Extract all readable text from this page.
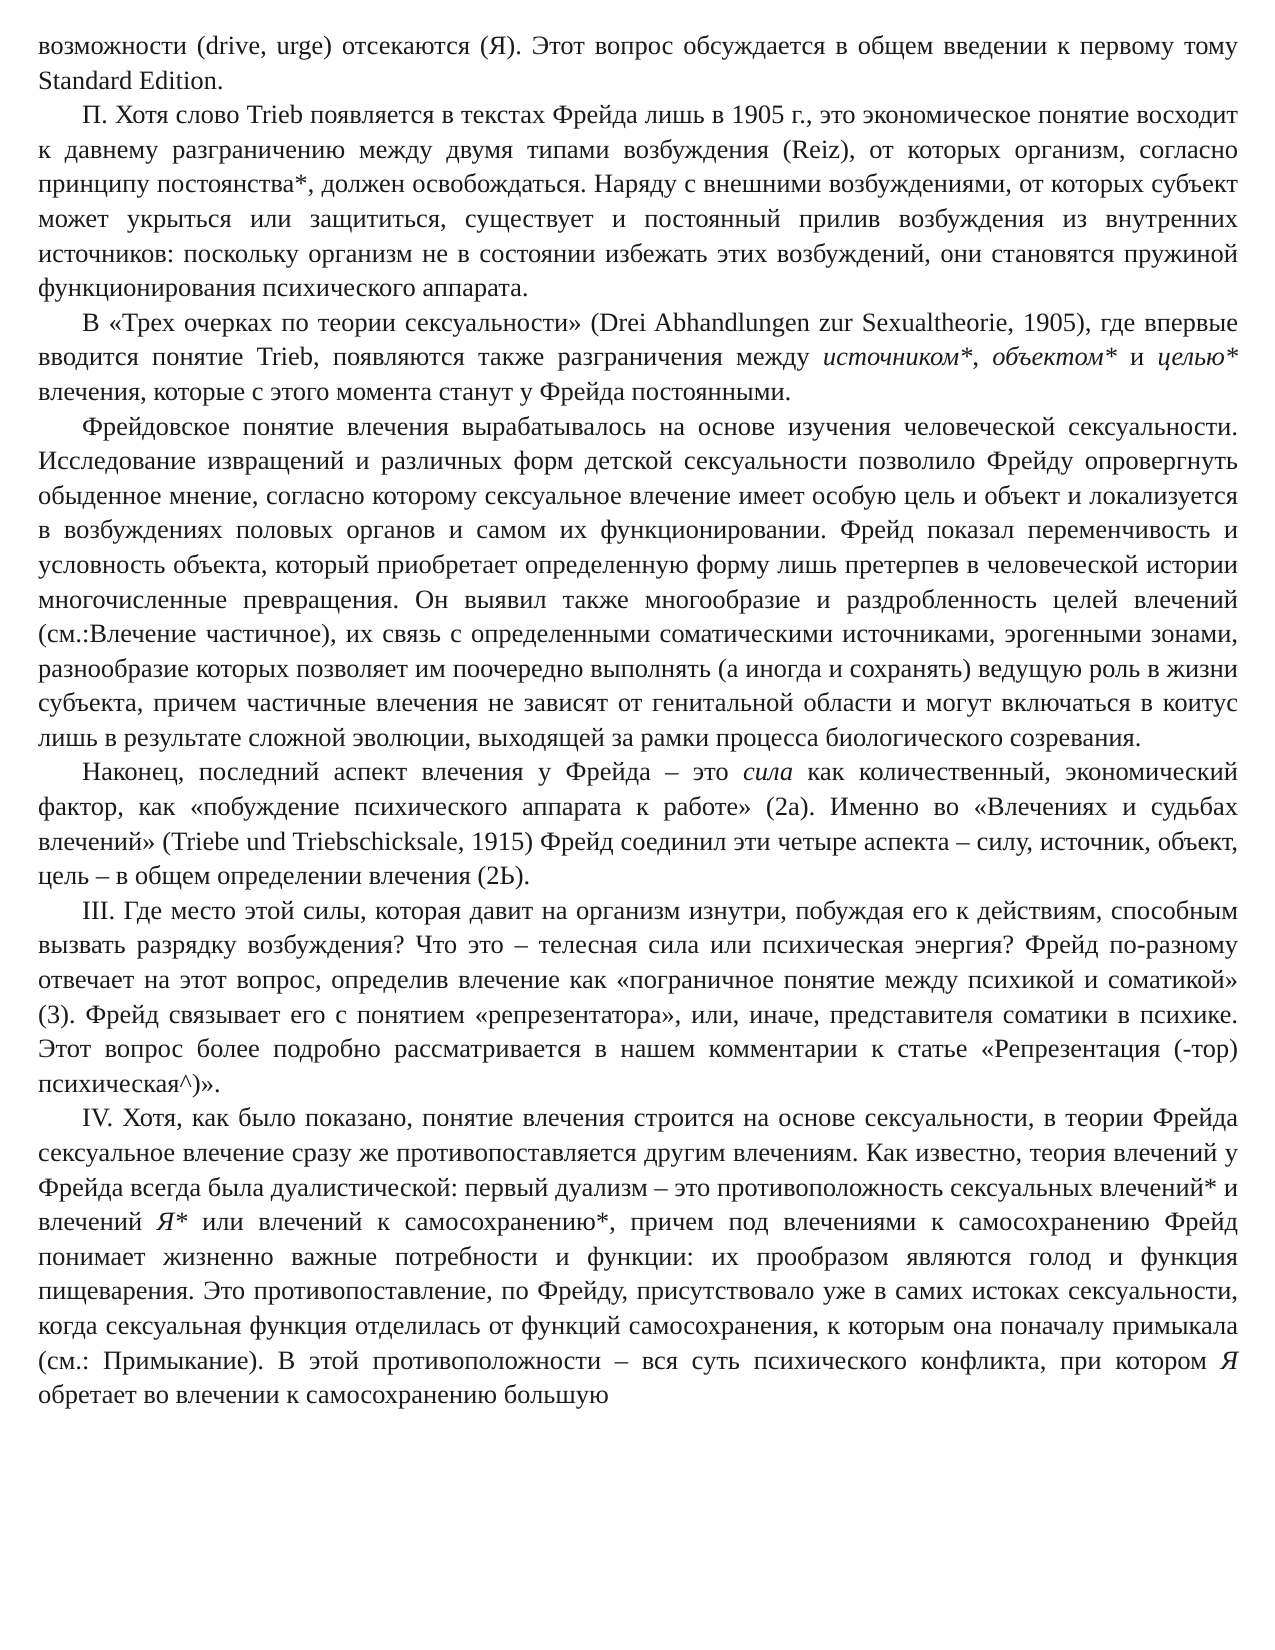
возможности (drive, urge) отсекаются (Я). Этот вопрос обсуждается в общем введении к первому тому Standard Edition.

П. Хотя слово Trieb появляется в текстах Фрейда лишь в 1905 г., это экономическое понятие восходит к давнему разграничению между двумя типами возбуждения (Reiz), от которых организм, согласно принципу постоянства*, должен освобождаться. Наряду с внешними возбуждениями, от которых субъект может укрыться или защититься, существует и постоянный прилив возбуждения из внутренних источников: поскольку организм не в состоянии избежать этих возбуждений, они становятся пружиной функционирования психического аппарата.

В «Трех очерках по теории сексуальности» (Drei Abhandlungen zur Sexualtheorie, 1905), где впервые вводится понятие Trieb, появляются также разграничения между источником*, объектом* и целью* влечения, которые с этого момента станут у Фрейда постоянными.

Фрейдовское понятие влечения вырабатывалось на основе изучения человеческой сексуальности. Исследование извращений и различных форм детской сексуальности позволило Фрейду опровергнуть обыденное мнение, согласно которому сексуальное влечение имеет особую цель и объект и локализуется в возбуждениях половых органов и самом их функционировании. Фрейд показал переменчивость и условность объекта, который приобретает определенную форму лишь претерпев в человеческой истории многочисленные превращения. Он выявил также многообразие и раздробленность целей влечений (см.:Влечение частичное), их связь с определенными соматическими источниками, эрогенными зонами, разнообразие которых позволяет им поочередно выполнять (а иногда и сохранять) ведущую роль в жизни субъекта, причем частичные влечения не зависят от генитальной области и могут включаться в коитус лишь в результате сложной эволюции, выходящей за рамки процесса биологического созревания.

Наконец, последний аспект влечения у Фрейда – это сила как количественный, экономический фактор, как «побуждение психического аппарата к работе» (2а). Именно во «Влечениях и судьбах влечений» (Triebe und Triebschicksale, 1915) Фрейд соединил эти четыре аспекта – силу, источник, объект, цель – в общем определении влечения (2Ь).

III. Где место этой силы, которая давит на организм изнутри, побуждая его к действиям, способным вызвать разрядку возбуждения? Что это – телесная сила или психическая энергия? Фрейд по-разному отвечает на этот вопрос, определив влечение как «пограничное понятие между психикой и соматикой» (3). Фрейд связывает его с понятием «репрезентатора», или, иначе, представителя соматики в психике. Этот вопрос более подробно рассматривается в нашем комментарии к статье «Репрезентация (-тор) психическая^)».

IV. Хотя, как было показано, понятие влечения строится на основе сексуальности, в теории Фрейда сексуальное влечение сразу же противопоставляется другим влечениям. Как известно, теория влечений у Фрейда всегда была дуалистической: первый дуализм – это противоположность сексуальных влечений* и влечений Я* или влечений к самосохранению*, причем под влечениями к самосохранению Фрейд понимает жизненно важные потребности и функции: их прообразом являются голод и функция пищеварения. Это противопоставление, по Фрейду, присутствовало уже в самих истоках сексуальности, когда сексуальная функция отделилась от функций самосохранения, к которым она поначалу примыкала (см.: Примыкание). В этой противоположности – вся суть психического конфликта, при котором Я обретает во влечении к самосохранению большую
